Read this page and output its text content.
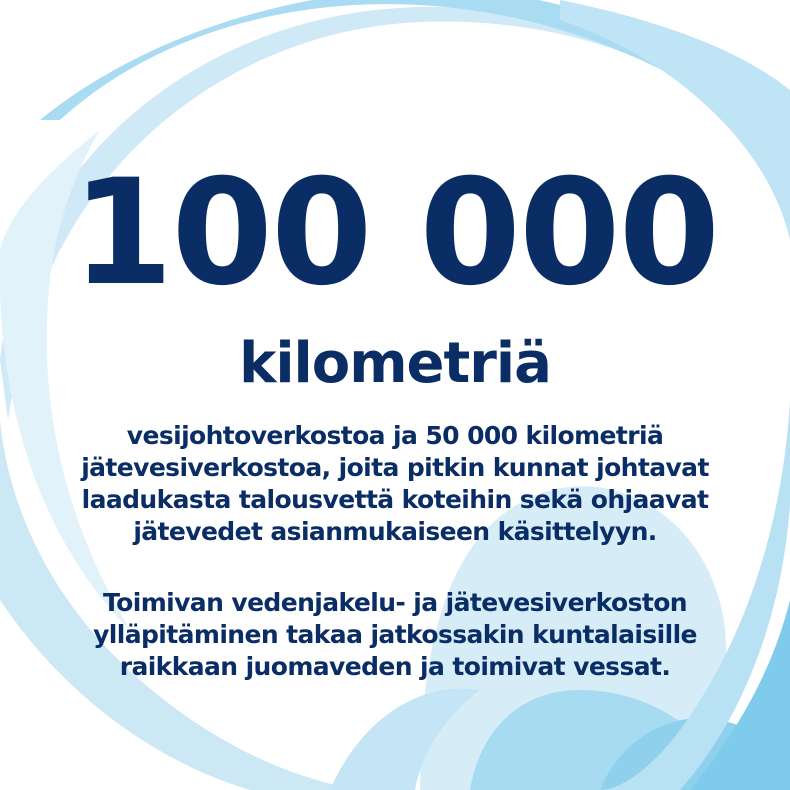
100 000
kilometriä
vesijohtoverkostoa ja 50 000 kilometriä
jätevesiverkostoa, joita pitkin kunnat johtavat
laadukasta talousvettä koteihin sekä ohjaavat
jätevedet asianmukaiseen käsittelyyn.
Toimivan vedenjakelu- ja jätevesiverkoston
ylläpitäminen takaa jatkossakin kuntalaisille
raikkaan juomaveden ja toimivat vessat.
